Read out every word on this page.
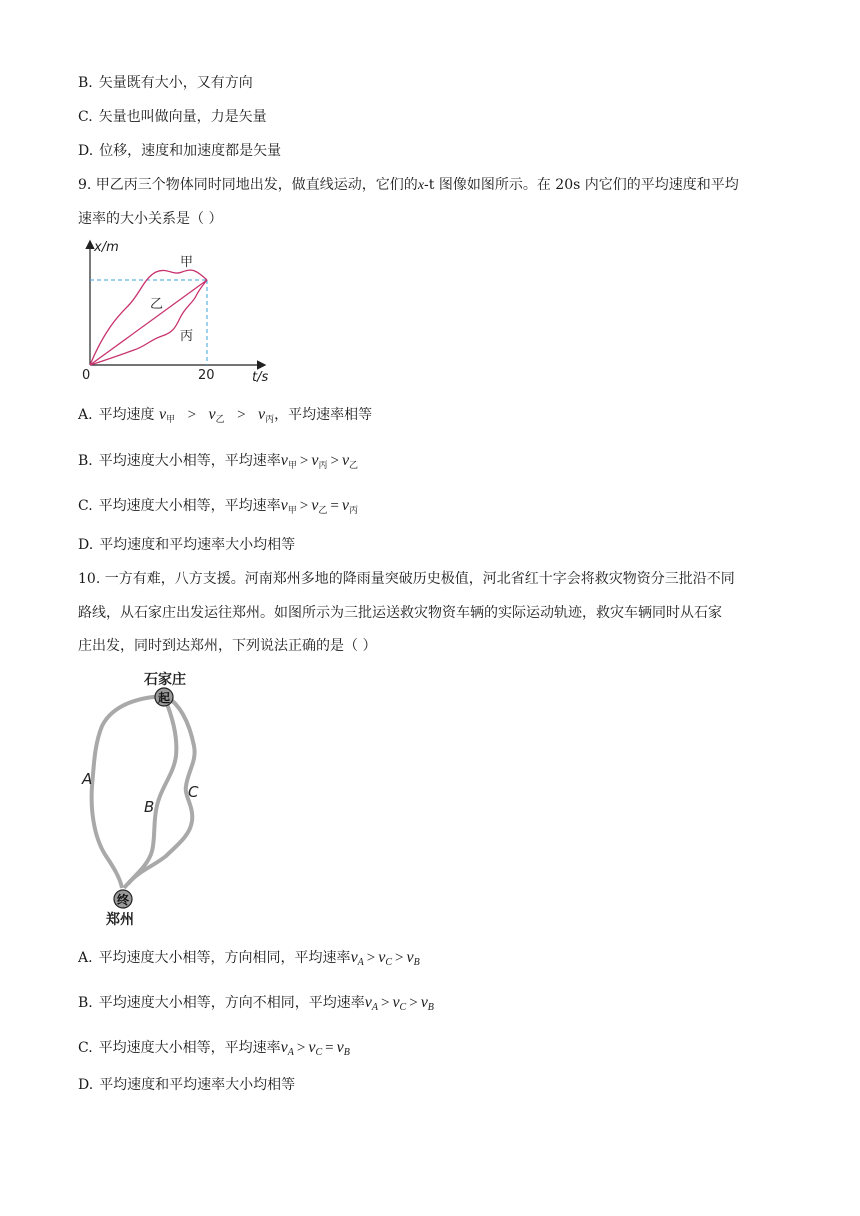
B. 矢量既有大小，又有方向
C. 矢量也叫做向量，力是矢量
D. 位移，速度和加速度都是矢量
9. 甲乙丙三个物体同时同地出发，做直线运动，它们的x-t 图像如图所示。在 20s 内它们的平均速度和平均
速率的大小关系是（ ）
x/m
t/s
0	20
甲
乙
丙
A. 平均速度 $v_甲 > v_乙 > v_丙$，平均速率相等
B. 平均速度大小相等，平均速率$v_甲 > v_丙 > v_乙$
C. 平均速度大小相等，平均速率$v_甲 > v_乙 = v_丙$
D. 平均速度和平均速率大小均相等
10. 一方有难，八方支援。河南郑州多地的降雨量突破历史极值，河北省红十字会将救灾物资分三批沿不同
路线，从石家庄出发运往郑州。如图所示为三批运送救灾物资车辆的实际运动轨迹，救灾车辆同时从石家
庄出发，同时到达郑州，下列说法正确的是（ ）
石家庄
起
终
郑州
A
B
C
A. 平均速度大小相等，方向相同，平均速率$v_A > v_C > v_B$
B. 平均速度大小相等，方向不相同，平均速率$v_A > v_C > v_B$
C. 平均速度大小相等，平均速率$v_A > v_C = v_B$
D. 平均速度和平均速率大小均相等
